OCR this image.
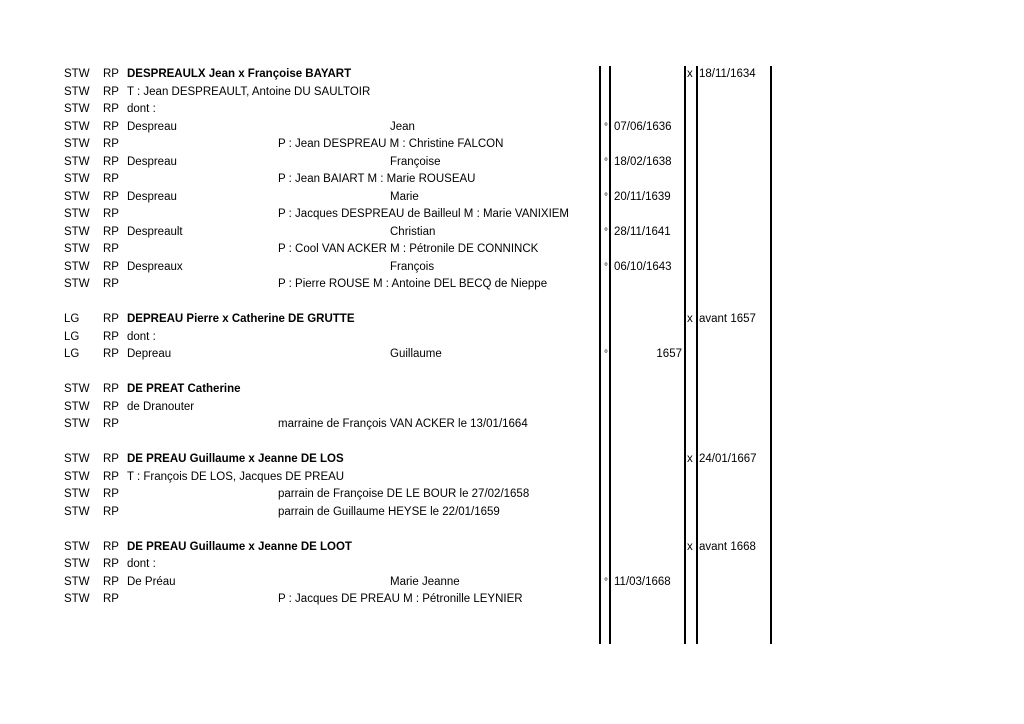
STW RP DESPREAULX Jean x Françoise BAYART	x 18/11/1634
STW RP T : Jean DESPREAULT, Antoine DU SAULTOIR
STW RP dont :
STW RP Despreau	Jean	° 07/06/1636
STW RP	P : Jean DESPREAU M : Christine FALCON
STW RP Despreau	Françoise	° 18/02/1638
STW RP	P : Jean BAIART M : Marie ROUSEAU
STW RP Despreau	Marie	° 20/11/1639
STW RP	P : Jacques DESPREAU de Bailleul M : Marie VANIXIEM
STW RP Despreault	Christian	° 28/11/1641
STW RP	P : Cool VAN ACKER M : Pétronile DE CONNINCK
STW RP Despreaux	François	° 06/10/1643
STW RP	P : Pierre ROUSE M : Antoine DEL BECQ de Nieppe
LG RP DEPREAU Pierre x Catherine DE GRUTTE	x avant 1657
LG RP dont :
LG RP Depreau	Guillaume	°	1657
STW RP DE PREAT Catherine
STW RP de Dranouter
STW RP	marraine de François VAN ACKER le 13/01/1664
STW RP DE PREAU Guillaume x Jeanne DE LOS	x 24/01/1667
STW RP T : François DE LOS, Jacques DE PREAU
STW RP	parrain de Françoise DE LE BOUR le 27/02/1658
STW RP	parrain de Guillaume HEYSE le 22/01/1659
STW RP DE PREAU Guillaume x Jeanne DE LOOT	x avant 1668
STW RP dont :
STW RP De Préau	Marie Jeanne	° 11/03/1668
STW RP	P : Jacques DE PREAU M : Pétronille LEYNIER
